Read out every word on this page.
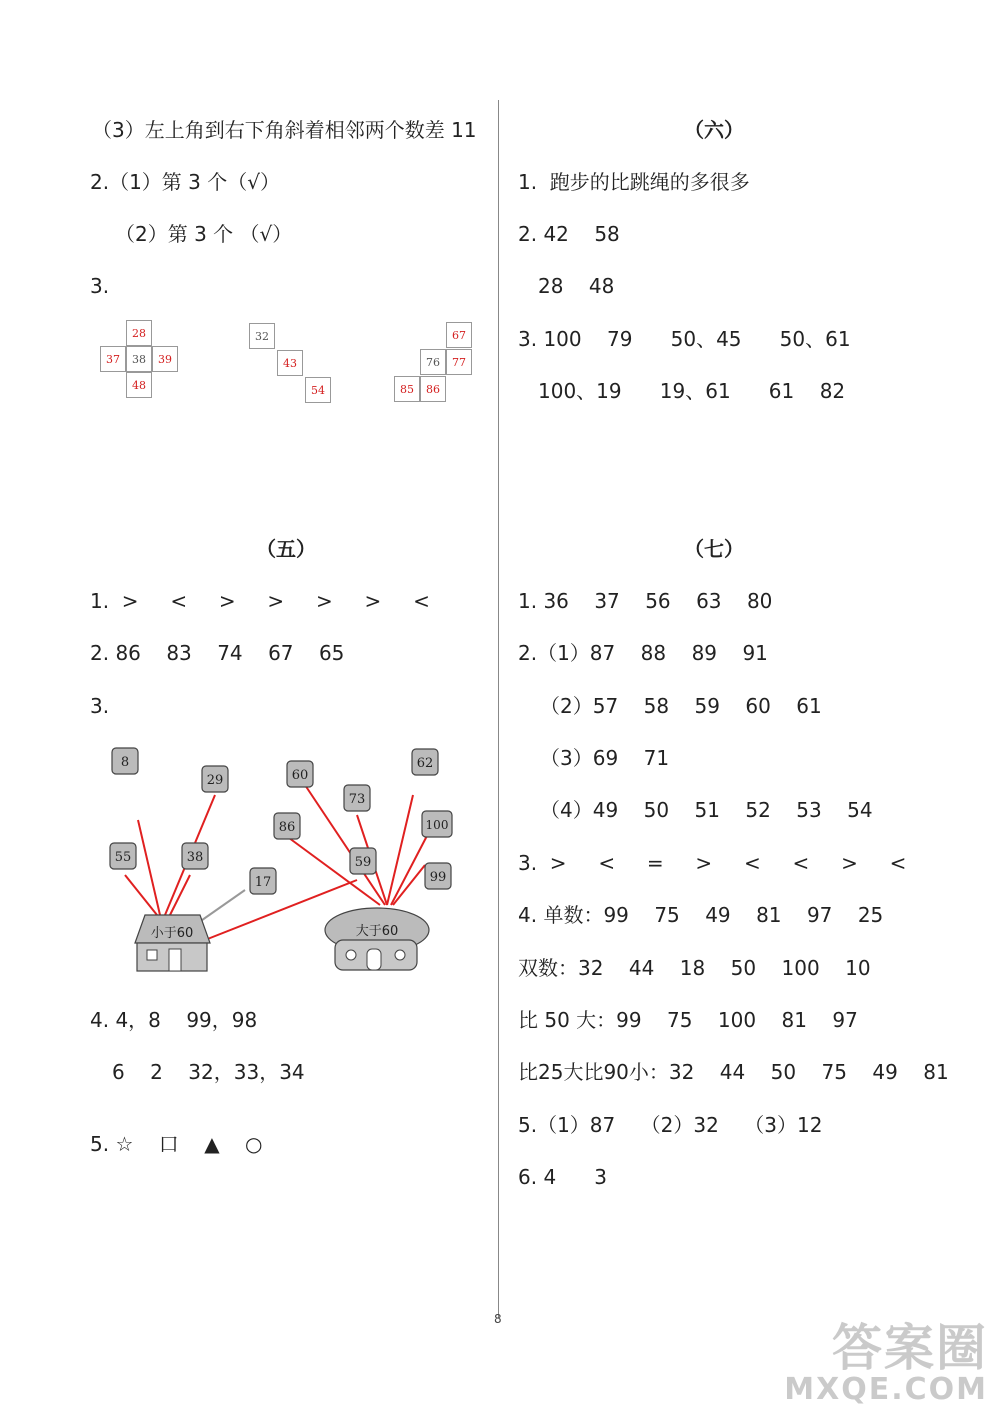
（3）左上角到右下角斜着相邻两个数差 11
2.（1）第 3 个（√）
（2）第 3 个 （√）
3.
28
37	38	39
48
32
43
54
67
76	77
85	86
（五）
1.  >     <     >     >     >     >     <
2. 86    83    74    67    65
3.
8
29
55	38
17
60
86
73
62
100
59
99
小于60	大于60
4. 4，8    99，98
6    2    32，33，34
5. ☆    口    ▲    ○
（六）
1.  跑步的比跳绳的多很多
2. 42    58
28    48
3. 100    79      50、45      50、61
100、19      19、61      61    82
（七）
1. 36    37    56    63    80
2.（1）87    88    89    91
（2）57    58    59    60    61
（3）69    71
（4）49    50    51    52    53    54
3.  >     <     =     >     <     <     >     <
4. 单数：99    75    49    81    97    25
双数：32    44    18    50    100    10
比 50 大：99    75    100    81    97
比25大比90小：32    44    50    75    49    81
5.（1）87    （2）32    （3）12
6. 4      3
8	答案圈
MXQE.COM
